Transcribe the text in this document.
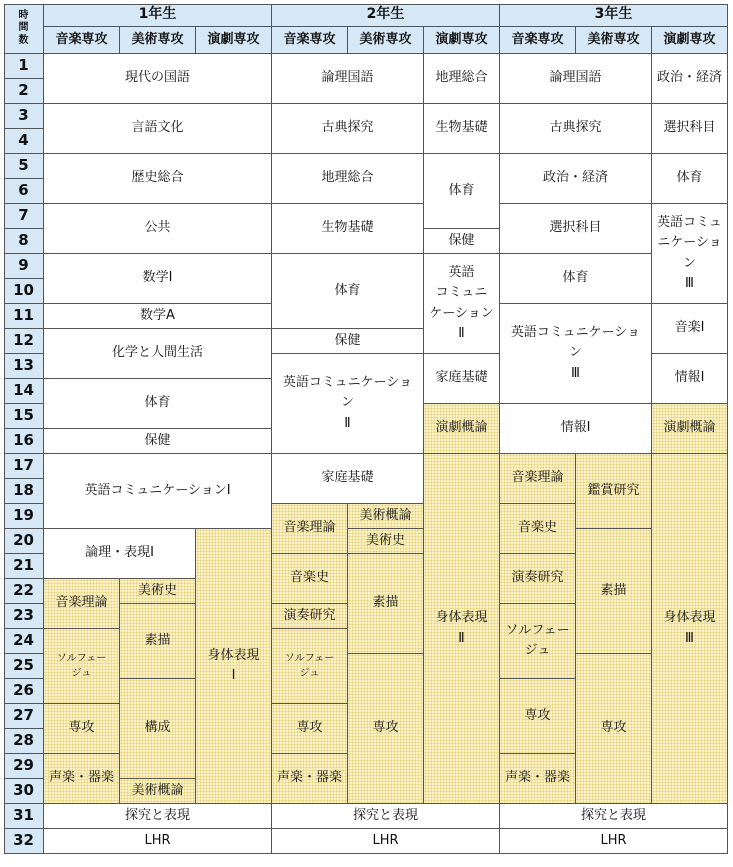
時
間
数
1年生	2年生	3年生
音楽専攻 美術専攻 演劇専攻 音楽専攻 美術専攻 演劇専攻 音楽専攻 美術専攻 演劇専攻
1
2
3
4
5
6
7
8
9
10
11
12
13
14
15
16
17
18
19
20
21
22
23
24
25
26
27
28
29
30
31
32
現代の国語
言語文化
歴史総合
公共
数学Ⅰ
数学A
化学と人間生活
体育
保健
英語コミュニケーションⅠ
論理・表現Ⅰ
身体表現
Ⅰ
音楽理論
ソルフェー
ジュ
専攻
声楽・器楽
美術史
素描
構成
美術概論
探究と表現
LHR
論理国語
古典探究
地理総合
生物基礎
体育
保健
英語コミュニケーショ
ン
Ⅱ
家庭基礎
音楽理論
音楽史
演奏研究
ソルフェー
ジュ
専攻
声楽・器楽
美術概論
美術史
素描
専攻
地理総合
生物基礎
体育
保健
英語
コミュニ
ケーション
Ⅱ
家庭基礎
演劇概論
身体表現
Ⅱ
探究と表現
LHR
論理国語
古典探究
政治・経済
選択科目
体育
英語コミュニケーショ
ン
Ⅲ
情報Ⅰ
音楽理論
音楽史
演奏研究
ソルフェー
ジュ
専攻
声楽・器楽
鑑賞研究
素描
専攻
政治・経済
選択科目
体育
英語コミュ
ニケーショ
ン
Ⅲ
音楽Ⅰ
情報Ⅰ
演劇概論
身体表現
Ⅲ
探究と表現
LHR
